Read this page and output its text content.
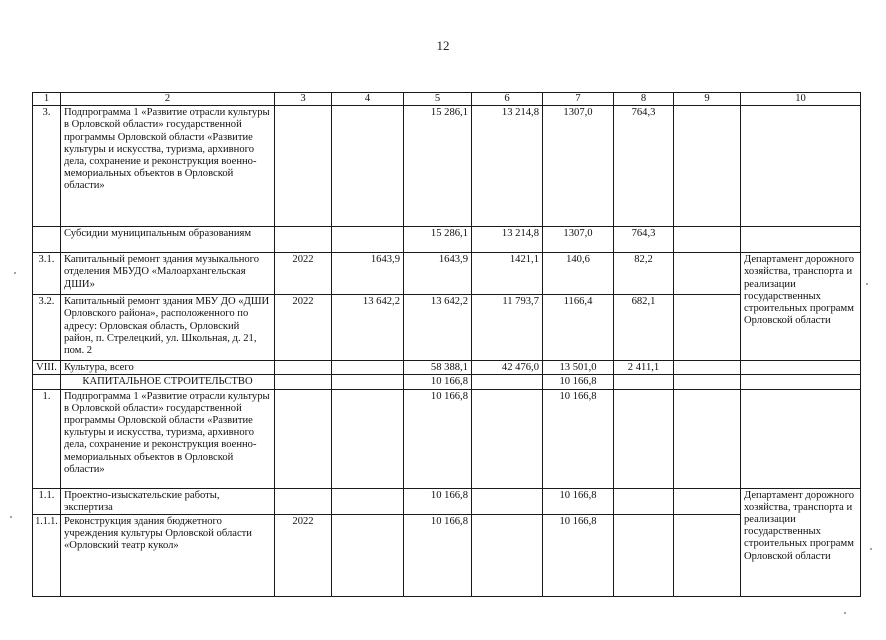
12
1	2	3	4	5	6	7	8	9	10
3.	Подпрограмма 1 «Развитие отрасли культуры в Орловской области» государственной программы Орловской области «Развитие культуры и искусства, туризма, архивного дела, сохранение и реконструкция военно-мемориальных объектов в Орловской области»			15 286,1	13 214,8	1307,0	764,3		
	Субсидии муниципальным образованиям			15 286,1	13 214,8	1307,0	764,3		
3.1.	Капитальный ремонт здания музыкального отделения МБУДО «Малоархангельская ДШИ»	2022	1643,9	1643,9	1421,1	140,6	82,2		Департамент дорожного хозяйства, транспорта и реализации государственных строительных программ Орловской области
3.2.	Капитальный ремонт здания МБУ ДО «ДШИ Орловского района», расположенного по адресу: Орловская область, Орловский район, п. Стрелецкий, ул. Школьная, д. 21, пом. 2	2022	13 642,2	13 642,2	11 793,7	1166,4	682,1		
VIII.	Культура, всего			58 388,1	42 476,0	13 501,0	2 411,1		
	КАПИТАЛЬНОЕ СТРОИТЕЛЬСТВО			10 166,8		10 166,8			
1.	Подпрограмма 1 «Развитие отрасли культуры в Орловской области» государственной программы Орловской области «Развитие культуры и искусства, туризма, архивного дела, сохранение и реконструкция военно-мемориальных объектов в Орловской области»			10 166,8		10 166,8			
1.1.	Проектно-изыскательские работы, экспертиза			10 166,8		10 166,8			Департамент дорожного хозяйства, транспорта и реализации государственных строительных программ Орловской области
1.1.1.	Реконструкция здания бюджетного учреждения культуры Орловской области «Орловский театр кукол»	2022		10 166,8		10 166,8			
